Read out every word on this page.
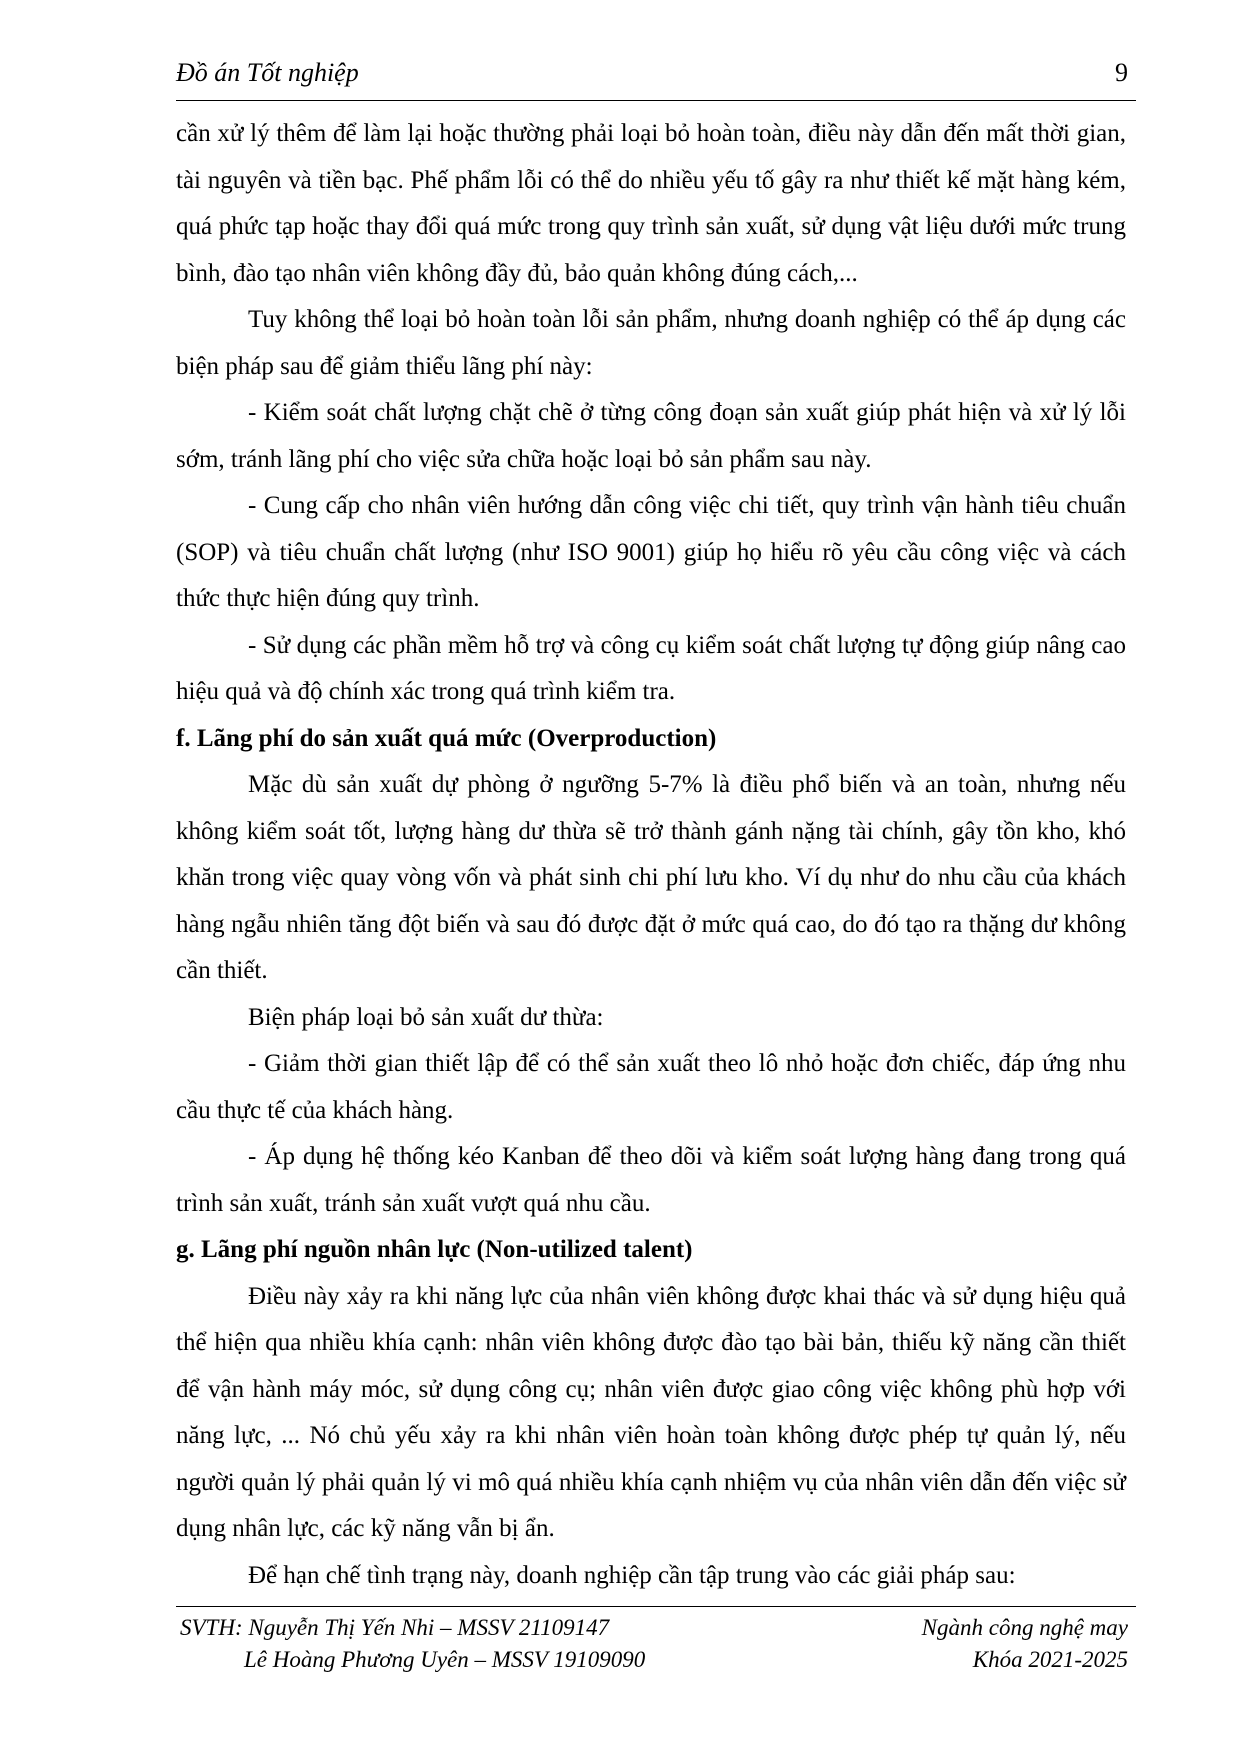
Đồ án Tốt nghiệp	9

cần xử lý thêm để làm lại hoặc thường phải loại bỏ hoàn toàn, điều này dẫn đến mất thời gian, tài nguyên và tiền bạc. Phế phẩm lỗi có thể do nhiều yếu tố gây ra như thiết kế mặt hàng kém, quá phức tạp hoặc thay đổi quá mức trong quy trình sản xuất, sử dụng vật liệu dưới mức trung bình, đào tạo nhân viên không đầy đủ, bảo quản không đúng cách,...

Tuy không thể loại bỏ hoàn toàn lỗi sản phẩm, nhưng doanh nghiệp có thể áp dụng các biện pháp sau để giảm thiểu lãng phí này:

- Kiểm soát chất lượng chặt chẽ ở từng công đoạn sản xuất giúp phát hiện và xử lý lỗi sớm, tránh lãng phí cho việc sửa chữa hoặc loại bỏ sản phẩm sau này.

- Cung cấp cho nhân viên hướng dẫn công việc chi tiết, quy trình vận hành tiêu chuẩn (SOP) và tiêu chuẩn chất lượng (như ISO 9001) giúp họ hiểu rõ yêu cầu công việc và cách thức thực hiện đúng quy trình.

- Sử dụng các phần mềm hỗ trợ và công cụ kiểm soát chất lượng tự động giúp nâng cao hiệu quả và độ chính xác trong quá trình kiểm tra.

f. Lãng phí do sản xuất quá mức (Overproduction)

Mặc dù sản xuất dự phòng ở ngưỡng 5-7% là điều phổ biến và an toàn, nhưng nếu không kiểm soát tốt, lượng hàng dư thừa sẽ trở thành gánh nặng tài chính, gây tồn kho, khó khăn trong việc quay vòng vốn và phát sinh chi phí lưu kho. Ví dụ như do nhu cầu của khách hàng ngẫu nhiên tăng đột biến và sau đó được đặt ở mức quá cao, do đó tạo ra thặng dư không cần thiết.

Biện pháp loại bỏ sản xuất dư thừa:

- Giảm thời gian thiết lập để có thể sản xuất theo lô nhỏ hoặc đơn chiếc, đáp ứng nhu cầu thực tế của khách hàng.

- Áp dụng hệ thống kéo Kanban để theo dõi và kiểm soát lượng hàng đang trong quá trình sản xuất, tránh sản xuất vượt quá nhu cầu.

g. Lãng phí nguồn nhân lực (Non-utilized talent)

Điều này xảy ra khi năng lực của nhân viên không được khai thác và sử dụng hiệu quả thể hiện qua nhiều khía cạnh: nhân viên không được đào tạo bài bản, thiếu kỹ năng cần thiết để vận hành máy móc, sử dụng công cụ; nhân viên được giao công việc không phù hợp với năng lực, ... Nó chủ yếu xảy ra khi nhân viên hoàn toàn không được phép tự quản lý, nếu người quản lý phải quản lý vi mô quá nhiều khía cạnh nhiệm vụ của nhân viên dẫn đến việc sử dụng nhân lực, các kỹ năng vẫn bị ẩn.

Để hạn chế tình trạng này, doanh nghiệp cần tập trung vào các giải pháp sau:

SVTH: Nguyễn Thị Yến Nhi – MSSV 21109147	Ngành công nghệ may
Lê Hoàng Phương Uyên – MSSV 19109090	Khóa 2021-2025
